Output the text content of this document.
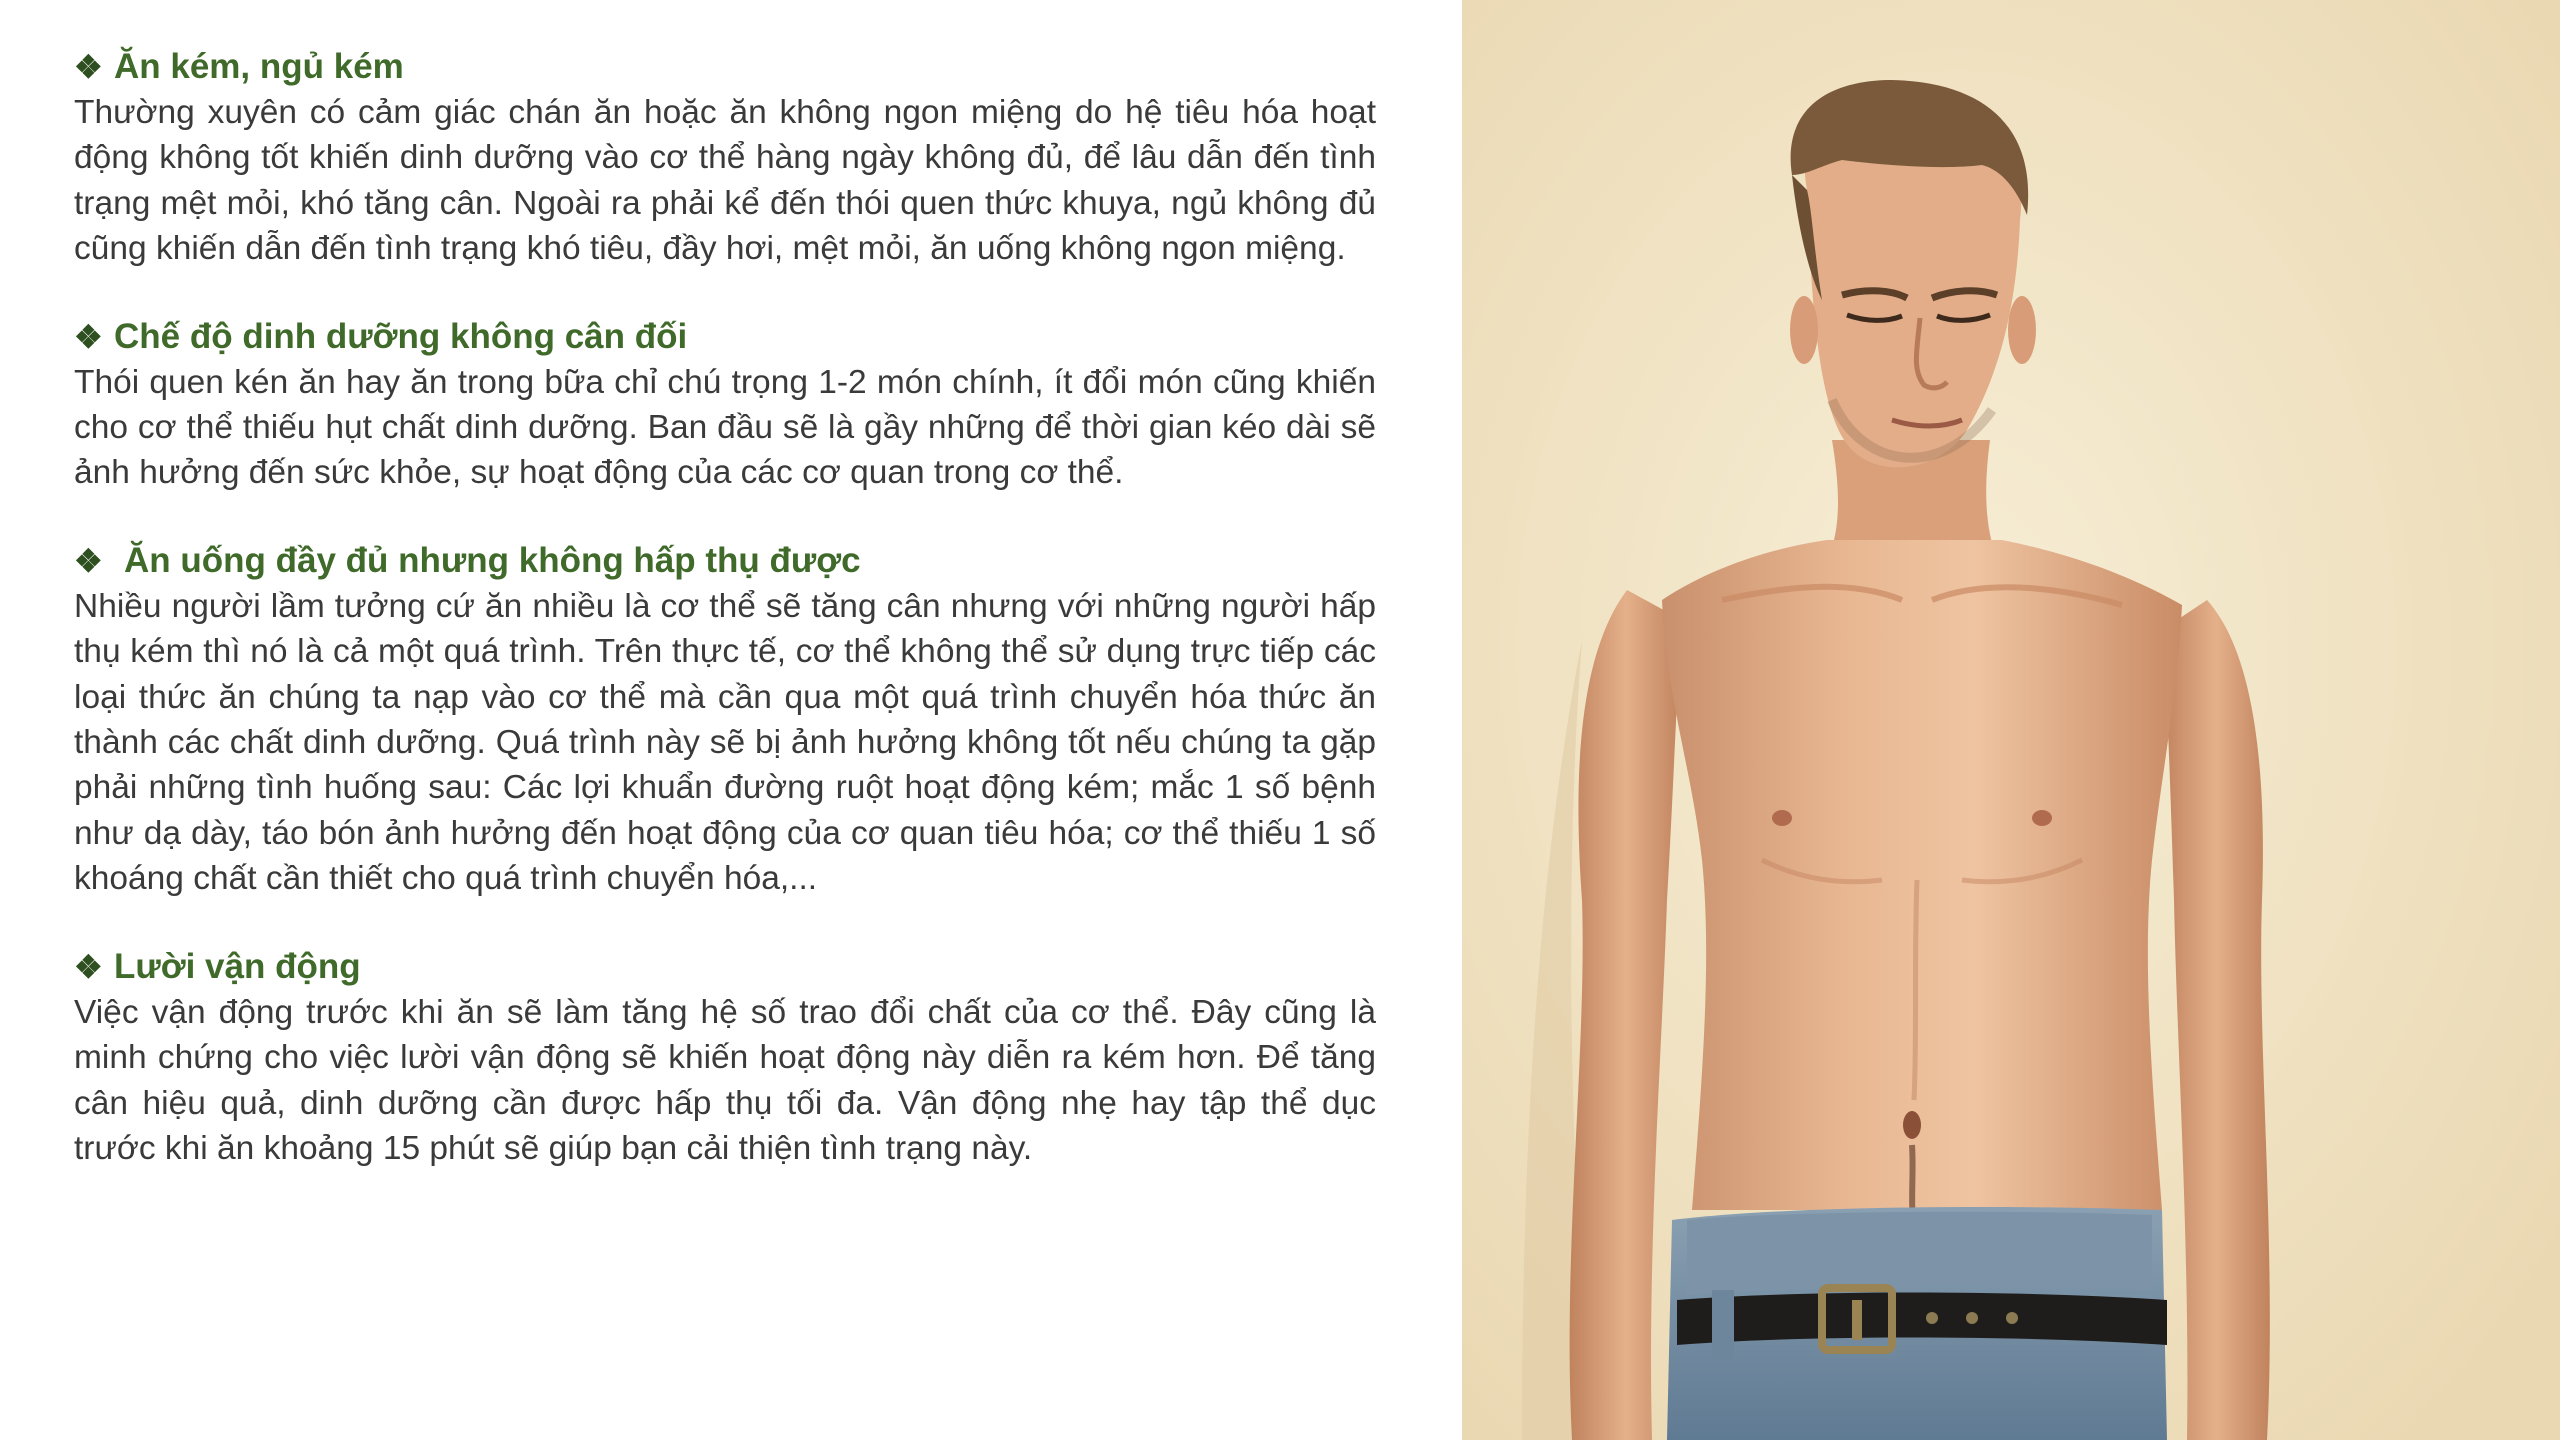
❖ Ăn kém, ngủ kém

Thường xuyên có cảm giác chán ăn hoặc ăn không ngon miệng do hệ tiêu hóa hoạt động không tốt khiến dinh dưỡng vào cơ thể hàng ngày không đủ, để lâu dẫn đến tình trạng mệt mỏi, khó tăng cân. Ngoài ra phải kể đến thói quen thức khuya, ngủ không đủ cũng khiến dẫn đến tình trạng khó tiêu, đầy hơi, mệt mỏi, ăn uống không ngon miệng.

❖ Chế độ dinh dưỡng không cân đối

Thói quen kén ăn hay ăn trong bữa chỉ chú trọng 1-2 món chính, ít đổi món cũng khiến cho cơ thể thiếu hụt chất dinh dưỡng. Ban đầu sẽ là gầy những để thời gian kéo dài sẽ ảnh hưởng đến sức khỏe, sự hoạt động của các cơ quan trong cơ thể.

❖ Ăn uống đầy đủ nhưng không hấp thụ được

Nhiều người lầm tưởng cứ ăn nhiều là cơ thể sẽ tăng cân nhưng với những người hấp thụ kém thì nó là cả một quá trình. Trên thực tế, cơ thể không thể sử dụng trực tiếp các loại thức ăn chúng ta nạp vào cơ thể mà cần qua một quá trình chuyển hóa thức ăn thành các chất dinh dưỡng. Quá trình này sẽ bị ảnh hưởng không tốt nếu chúng ta gặp phải những tình huống sau: Các lợi khuẩn đường ruột hoạt động kém; mắc 1 số bệnh như dạ dày, táo bón ảnh hưởng đến hoạt động của cơ quan tiêu hóa; cơ thể thiếu 1 số khoáng chất cần thiết cho quá trình chuyển hóa,...

❖ Lười vận động

Việc vận động trước khi ăn sẽ làm tăng hệ số trao đổi chất của cơ thể. Đây cũng là minh chứng cho việc lười vận động sẽ khiến hoạt động này diễn ra kém hơn. Để tăng cân hiệu quả, dinh dưỡng cần được hấp thụ tối đa. Vận động nhẹ hay tập thể dục trước khi ăn khoảng 15 phút sẽ giúp bạn cải thiện tình trạng này.
